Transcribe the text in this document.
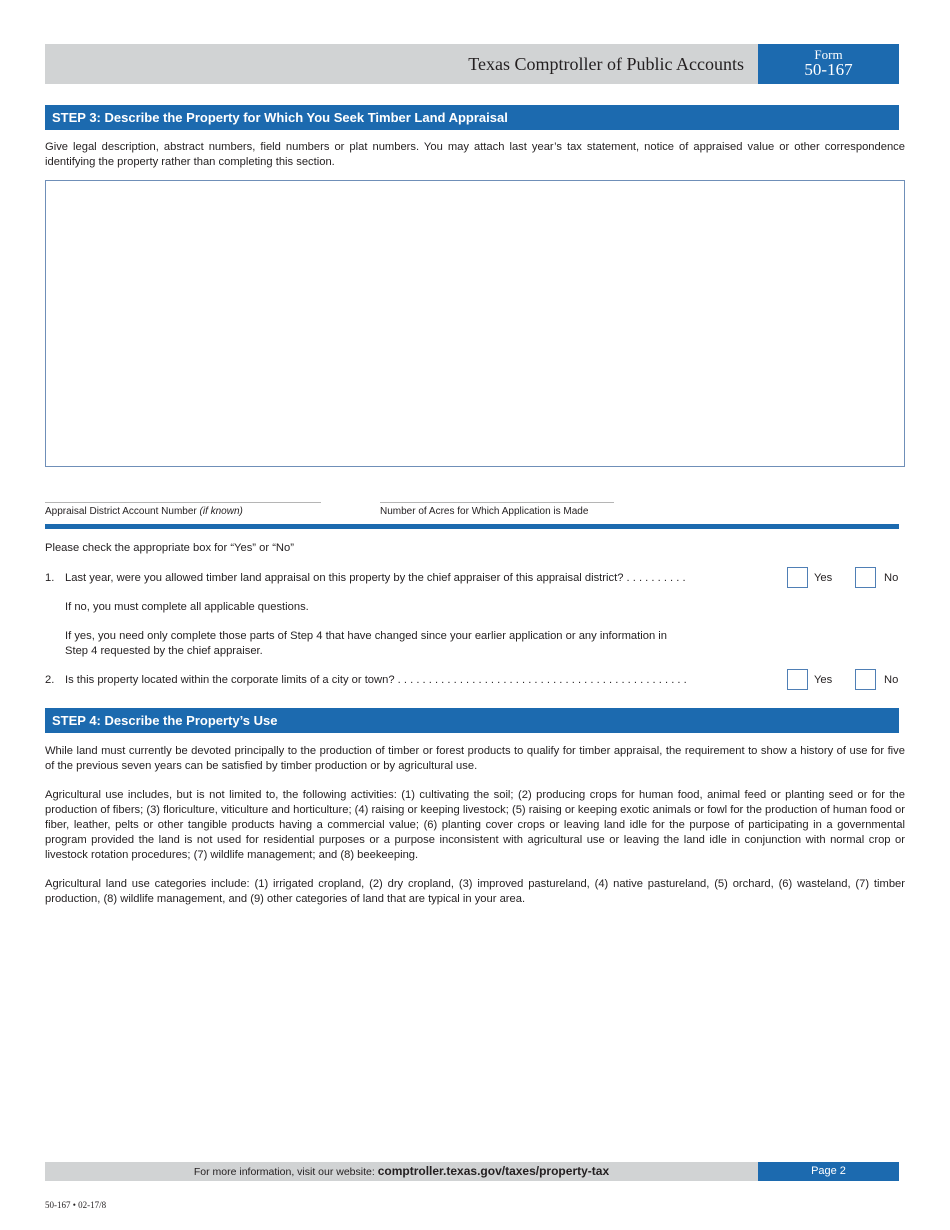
Texas Comptroller of Public Accounts	Form
50-167
STEP 3: Describe the Property for Which You Seek Timber Land Appraisal

Give legal description, abstract numbers, field numbers or plat numbers. You may attach last year’s tax statement, notice of appraised value or other correspondence identifying the property rather than completing this section.

Appraisal District Account Number (if known)	Number of Acres for Which Application is Made
Please check the appropriate box for “Yes” or “No”
1. Last year, were you allowed timber land appraisal on this property by the chief appraiser of this appraisal district? . . . . . . . . . .	Yes	No
If no, you must complete all applicable questions.
If yes, you need only complete those parts of Step 4 that have changed since your earlier application or any information in
Step 4 requested by the chief appraiser.
2. Is this property located within the corporate limits of a city or town? . . . . . . . . . . . . . . . . . . . . . . . . . . . . . . . . . . . . . . . . . . . . . . .	Yes	No
STEP 4: Describe the Property’s Use

While land must currently be devoted principally to the production of timber or forest products to qualify for timber appraisal, the requirement to show a history of use for five of the previous seven years can be satisfied by timber production or by agricultural use.

Agricultural use includes, but is not limited to, the following activities: (1) cultivating the soil; (2) producing crops for human food, animal feed or planting seed or for the production of fibers; (3) floriculture, viticulture and horticulture; (4) raising or keeping livestock; (5) raising or keeping exotic animals or fowl for the production of human food or fiber, leather, pelts or other tangible products having a commercial value; (6) planting cover crops or leaving land idle for the purpose of participating in a governmental program provided the land is not used for residential purposes or a purpose inconsistent with agricultural use or leaving the land idle in conjunction with normal crop or livestock rotation procedures; (7) wildlife management; and (8) beekeeping.

Agricultural land use categories include: (1) irrigated cropland, (2) dry cropland, (3) improved pastureland, (4) native pastureland, (5) orchard, (6) wasteland, (7) timber production, (8) wildlife management, and (9) other categories of land that are typical in your area.

For more information, visit our website: comptroller.texas.gov/taxes/property-tax	Page 2
50-167 • 02-17/8
